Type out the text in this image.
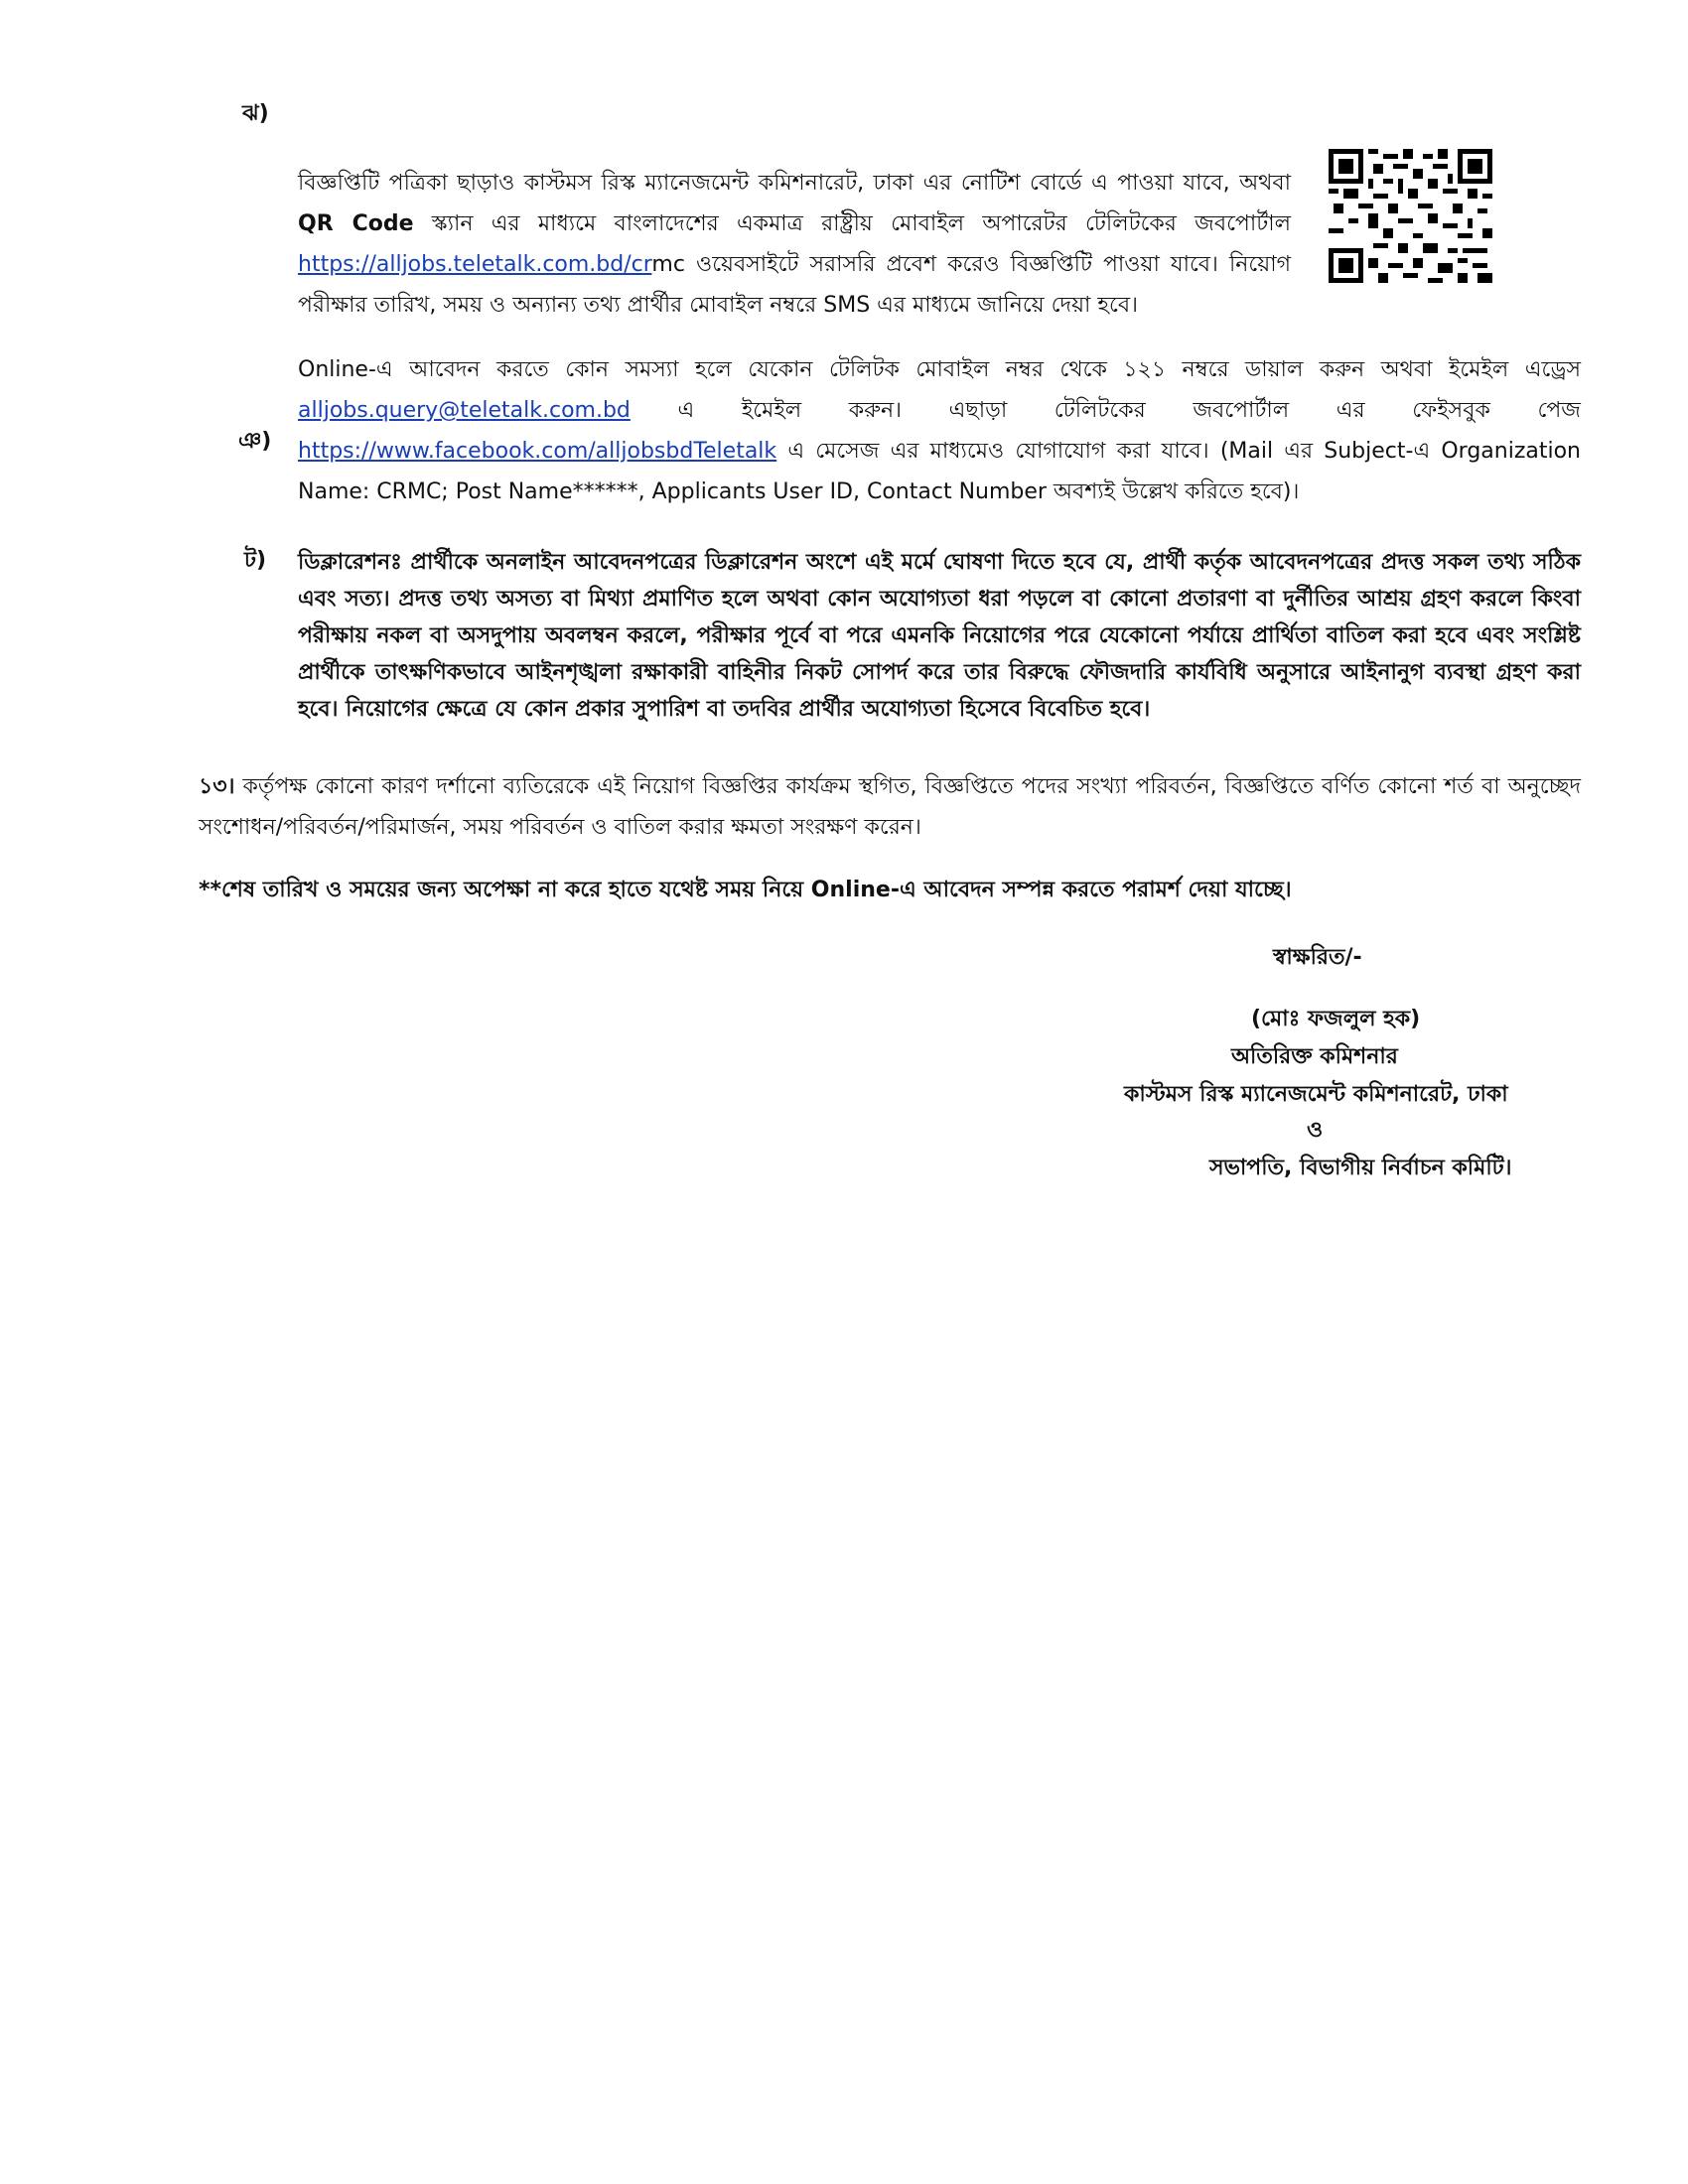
ঝ)
বিজ্ঞপ্তিটি পত্রিকা ছাড়াও কাস্টমস রিস্ক ম্যানেজমেন্ট কমিশনারেট, ঢাকা এর নোটিশ বোর্ডে এ পাওয়া যাবে, অথবা QR Code স্ক্যান এর মাধ্যমে বাংলাদেশের একমাত্র রাষ্ট্রীয় মোবাইল অপারেটর টেলিটকের জবপোর্টাল https://alljobs.teletalk.com.bd/crmc ওয়েবসাইটে সরাসরি প্রবেশ করেও বিজ্ঞপ্তিটি পাওয়া যাবে। নিয়োগ পরীক্ষার তারিখ, সময় ও অন্যান্য তথ্য প্রার্থীর মোবাইল নম্বরে SMS এর মাধ্যমে জানিয়ে দেয়া হবে।
ঞ)
Online-এ আবেদন করতে কোন সমস্যা হলে যেকোন টেলিটক মোবাইল নম্বর থেকে ১২১ নম্বরে ডায়াল করুন অথবা ইমেইল এড্রেস alljobs.query@teletalk.com.bd এ ইমেইল করুন। এছাড়া টেলিটকের জবপোর্টাল এর ফেইসবুক পেজ https://www.facebook.com/alljobsbdTeletalk এ মেসেজ এর মাধ্যমেও যোগাযোগ করা যাবে। (Mail এর Subject-এ Organization Name: CRMC; Post Name******, Applicants User ID, Contact Number অবশ্যই উল্লেখ করিতে হবে)।
ট) ডিক্লারেশনঃ প্রার্থীকে অনলাইন আবেদনপত্রের ডিক্লারেশন অংশে এই মর্মে ঘোষণা দিতে হবে যে, প্রার্থী কর্তৃক আবেদনপত্রের প্রদত্ত সকল তথ্য সঠিক এবং সত্য। প্রদত্ত তথ্য অসত্য বা মিথ্যা প্রমাণিত হলে অথবা কোন অযোগ্যতা ধরা পড়লে বা কোনো প্রতারণা বা দুর্নীতির আশ্রয় গ্রহণ করলে কিংবা পরীক্ষায় নকল বা অসদুপায় অবলম্বন করলে, পরীক্ষার পূর্বে বা পরে এমনকি নিয়োগের পরে যেকোনো পর্যায়ে প্রার্থিতা বাতিল করা হবে এবং সংশ্লিষ্ট প্রার্থীকে তাৎক্ষণিকভাবে আইনশৃঙ্খলা রক্ষাকারী বাহিনীর নিকট সোপর্দ করে তার বিরুদ্ধে ফৌজদারি কার্যবিধি অনুসারে আইনানুগ ব্যবস্থা গ্রহণ করা হবে। নিয়োগের ক্ষেত্রে যে কোন প্রকার সুপারিশ বা তদবির প্রার্থীর অযোগ্যতা হিসেবে বিবেচিত হবে।
১৩। কর্তৃপক্ষ কোনো কারণ দর্শানো ব্যতিরেকে এই নিয়োগ বিজ্ঞপ্তির কার্যক্রম স্থগিত, বিজ্ঞপ্তিতে পদের সংখ্যা পরিবর্তন, বিজ্ঞপ্তিতে বর্ণিত কোনো শর্ত বা অনুচ্ছেদ সংশোধন/পরিবর্তন/পরিমার্জন, সময় পরিবর্তন ও বাতিল করার ক্ষমতা সংরক্ষণ করেন।
**শেষ তারিখ ও সময়ের জন্য অপেক্ষা না করে হাতে যথেষ্ট সময় নিয়ে Online-এ আবেদন সম্পন্ন করতে পরামর্শ দেয়া যাচ্ছে।
স্বাক্ষরিত/-
(মোঃ ফজলুল হক)
অতিরিক্ত কমিশনার
কাস্টমস রিস্ক ম্যানেজমেন্ট কমিশনারেট, ঢাকা
ও
সভাপতি, বিভাগীয় নির্বাচন কমিটি।
